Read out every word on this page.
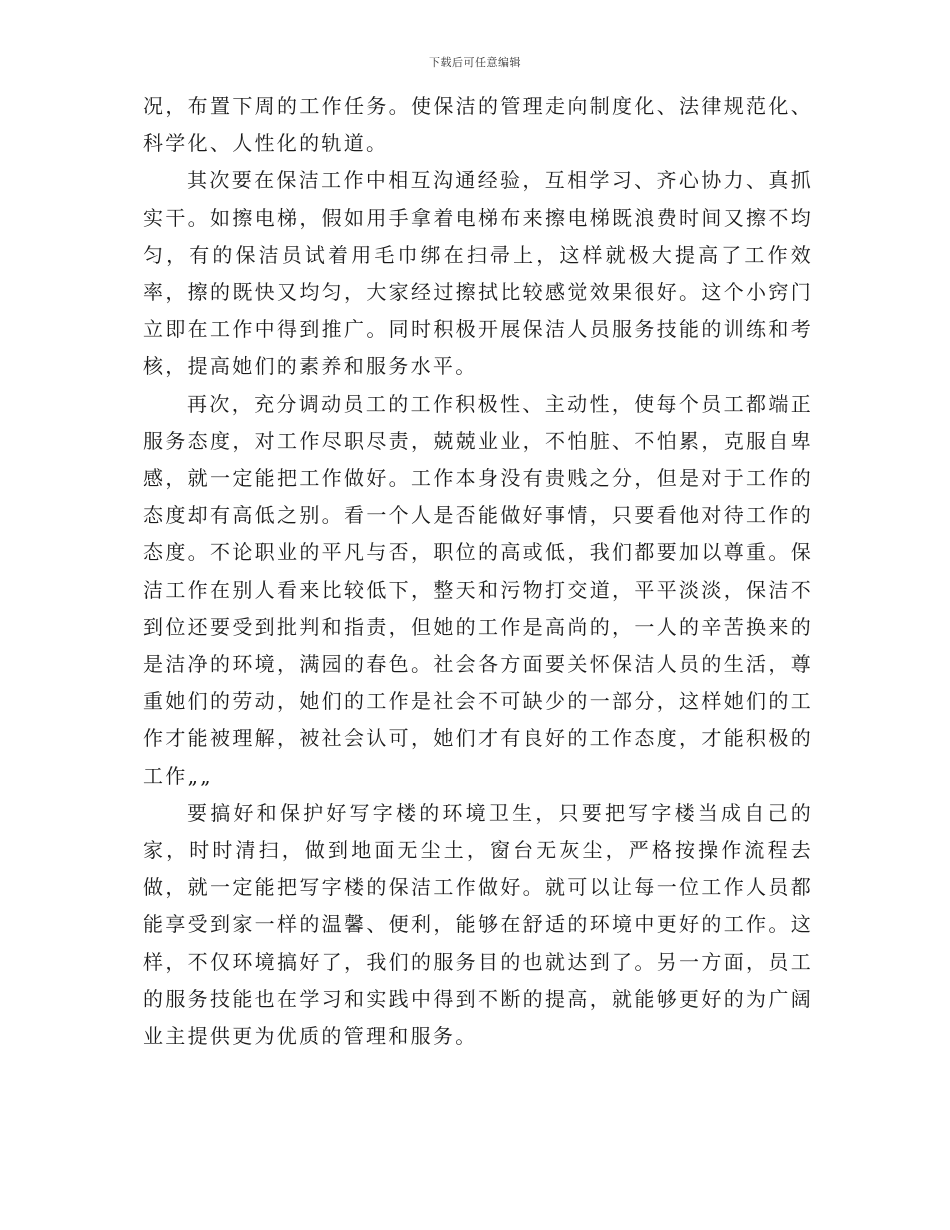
下载后可任意编辑

况，布置下周的工作任务。使保洁的管理走向制度化、法律规范化、科学化、人性化的轨道。

其次要在保洁工作中相互沟通经验，互相学习、齐心协力、真抓实干。如擦电梯，假如用手拿着电梯布来擦电梯既浪费时间又擦不均匀，有的保洁员试着用毛巾绑在扫帚上，这样就极大提高了工作效率，擦的既快又均匀，大家经过擦拭比较感觉效果很好。这个小窍门立即在工作中得到推广。同时积极开展保洁人员服务技能的训练和考核，提高她们的素养和服务水平。

再次，充分调动员工的工作积极性、主动性，使每个员工都端正服务态度，对工作尽职尽责，兢兢业业，不怕脏、不怕累，克服自卑感，就一定能把工作做好。工作本身没有贵贱之分，但是对于工作的态度却有高低之别。看一个人是否能做好事情，只要看他对待工作的态度。不论职业的平凡与否，职位的高或低，我们都要加以尊重。保洁工作在别人看来比较低下，整天和污物打交道，平平淡淡，保洁不到位还要受到批判和指责，但她的工作是高尚的，一人的辛苦换来的是洁净的环境，满园的春色。社会各方面要关怀保洁人员的生活，尊重她们的劳动，她们的工作是社会不可缺少的一部分，这样她们的工作才能被理解，被社会认可，她们才有良好的工作态度，才能积极的工作„„

要搞好和保护好写字楼的环境卫生，只要把写字楼当成自己的家，时时清扫，做到地面无尘土，窗台无灰尘，严格按操作流程去做，就一定能把写字楼的保洁工作做好。就可以让每一位工作人员都能享受到家一样的温馨、便利，能够在舒适的环境中更好的工作。这样，不仅环境搞好了，我们的服务目的也就达到了。另一方面，员工的服务技能也在学习和实践中得到不断的提高，就能够更好的为广阔业主提供更为优质的管理和服务。
